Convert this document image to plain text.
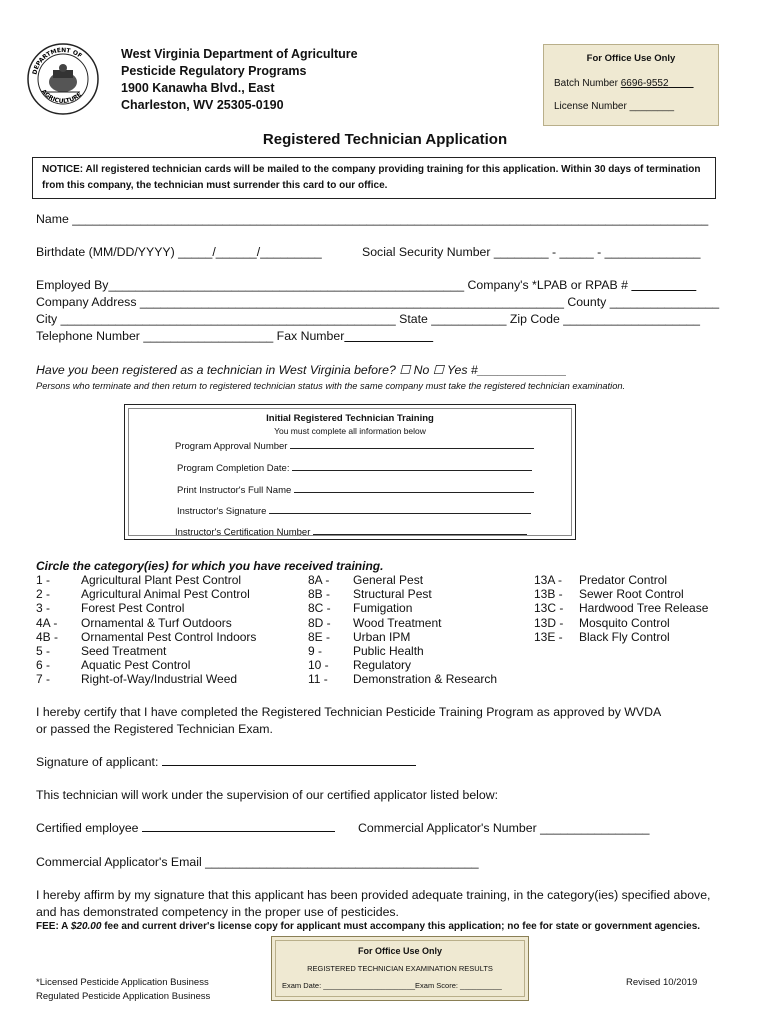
DEPARTMENT OF
AGRICULTURE
West Virginia Department of Agriculture
Pesticide Regulatory Programs
1900 Kanawha Blvd., East
Charleston, WV 25305-0190
For Office Use Only
Batch Number 6696-9552
License Number ________
Registered Technician Application
NOTICE: All registered technician cards will be mailed to the company providing training for this application. Within 30 days of termination from this company, the technician must surrender this card to our office.
Name _____________________________________________________________________________________________
Birthdate (MM/DD/YYYY) _____/______/_________	Social Security Number ________ - _____ - ______________
Employed By____________________________________________________ Company's *LPAB or RPAB #
Company Address ______________________________________________________________ County ________________
City _________________________________________________ State ___________ Zip Code ____________________
Telephone Number ___________________ Fax Number
Have you been registered as a technician in West Virginia before? ☐ No ☐ Yes #_____________
Persons who terminate and then return to registered technician status with the same company must take the registered technician examination.
Initial Registered Technician Training
You must complete all information below
Program Approval Number
Program Completion Date:
Print Instructor's Full Name
Instructor's Signature
Instructor's Certification Number
Circle the category(ies) for which you have received training.
1 -	Agricultural Plant Pest Control
2 -	Agricultural Animal Pest Control
3 -	Forest Pest Control
4A -	Ornamental & Turf Outdoors
4B -	Ornamental Pest Control Indoors
5 -	Seed Treatment
6 -	Aquatic Pest Control
7 -	Right-of-Way/Industrial Weed
8A -	General Pest
8B -	Structural Pest
8C -	Fumigation
8D -	Wood Treatment
8E -	Urban IPM
9 -	Public Health
10 -	Regulatory
11 -	Demonstration & Research
13A -	Predator Control
13B -	Sewer Root Control
13C -	Hardwood Tree Release
13D -	Mosquito Control
13E -	Black Fly Control
I hereby certify that I have completed the Registered Technician Pesticide Training Program as approved by WVDA
or passed the Registered Technician Exam.
Signature of applicant:
This technician will work under the supervision of our certified applicator listed below:
Certified employee	Commercial Applicator's Number ________________
Commercial Applicator's Email ________________________________________
I hereby affirm by my signature that this applicant has been provided adequate training, in the category(ies) specified above,
and has demonstrated competency in the proper use of pesticides.
FEE: A $20.00 fee and current driver's license copy for applicant must accompany this application; no fee for state or government agencies.
For Office Use Only
REGISTERED TECHNICIAN EXAMINATION RESULTS
Exam Date: ______________________Exam Score: __________
*Licensed Pesticide Application Business
Regulated Pesticide Application Business
Revised 10/2019
